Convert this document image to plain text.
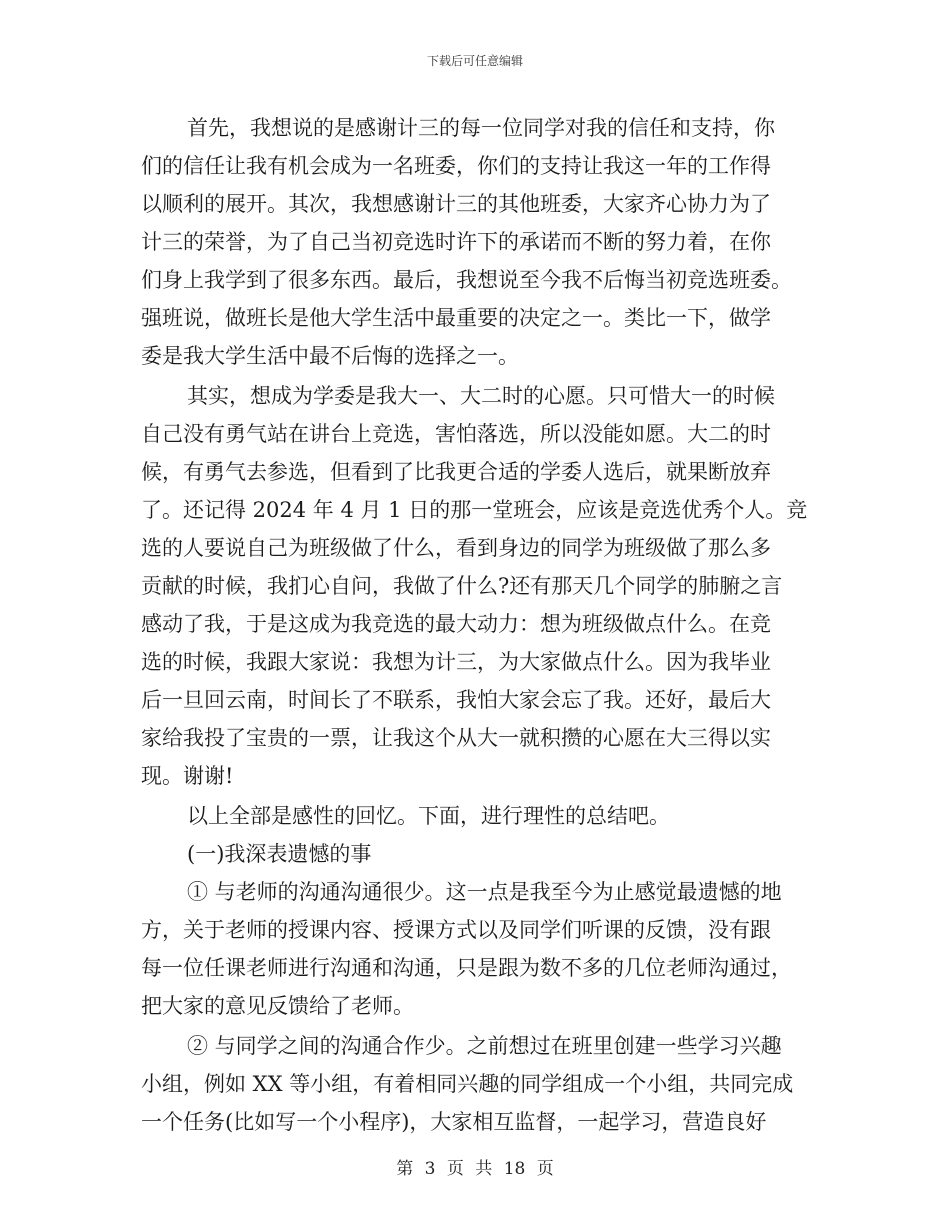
下载后可任意编辑
首先，我想说的是感谢计三的每一位同学对我的信任和支持，你
们的信任让我有机会成为一名班委，你们的支持让我这一年的工作得
以顺利的展开。其次，我想感谢计三的其他班委，大家齐心协力为了
计三的荣誉，为了自己当初竞选时许下的承诺而不断的努力着，在你
们身上我学到了很多东西。最后，我想说至今我不后悔当初竞选班委。
强班说，做班长是他大学生活中最重要的决定之一。类比一下，做学
委是我大学生活中最不后悔的选择之一。
其实，想成为学委是我大一、大二时的心愿。只可惜大一的时候
自己没有勇气站在讲台上竞选，害怕落选，所以没能如愿。大二的时
候，有勇气去参选，但看到了比我更合适的学委人选后，就果断放弃
了。还记得 2024 年 4 月 1 日的那一堂班会，应该是竞选优秀个人。竞
选的人要说自己为班级做了什么，看到身边的同学为班级做了那么多
贡献的时候，我扪心自问，我做了什么?还有那天几个同学的肺腑之言
感动了我，于是这成为我竞选的最大动力：想为班级做点什么。在竞
选的时候，我跟大家说：我想为计三，为大家做点什么。因为我毕业
后一旦回云南，时间长了不联系，我怕大家会忘了我。还好，最后大
家给我投了宝贵的一票，让我这个从大一就积攒的心愿在大三得以实
现。谢谢!
以上全部是感性的回忆。下面，进行理性的总结吧。
(一)我深表遗憾的事
① 与老师的沟通沟通很少。这一点是我至今为止感觉最遗憾的地
方，关于老师的授课内容、授课方式以及同学们听课的反馈，没有跟
每一位任课老师进行沟通和沟通，只是跟为数不多的几位老师沟通过，
把大家的意见反馈给了老师。
② 与同学之间的沟通合作少。之前想过在班里创建一些学习兴趣
小组，例如 XX 等小组，有着相同兴趣的同学组成一个小组，共同完成
一个任务(比如写一个小程序)，大家相互监督，一起学习，营造良好
第 3 页 共 18 页
